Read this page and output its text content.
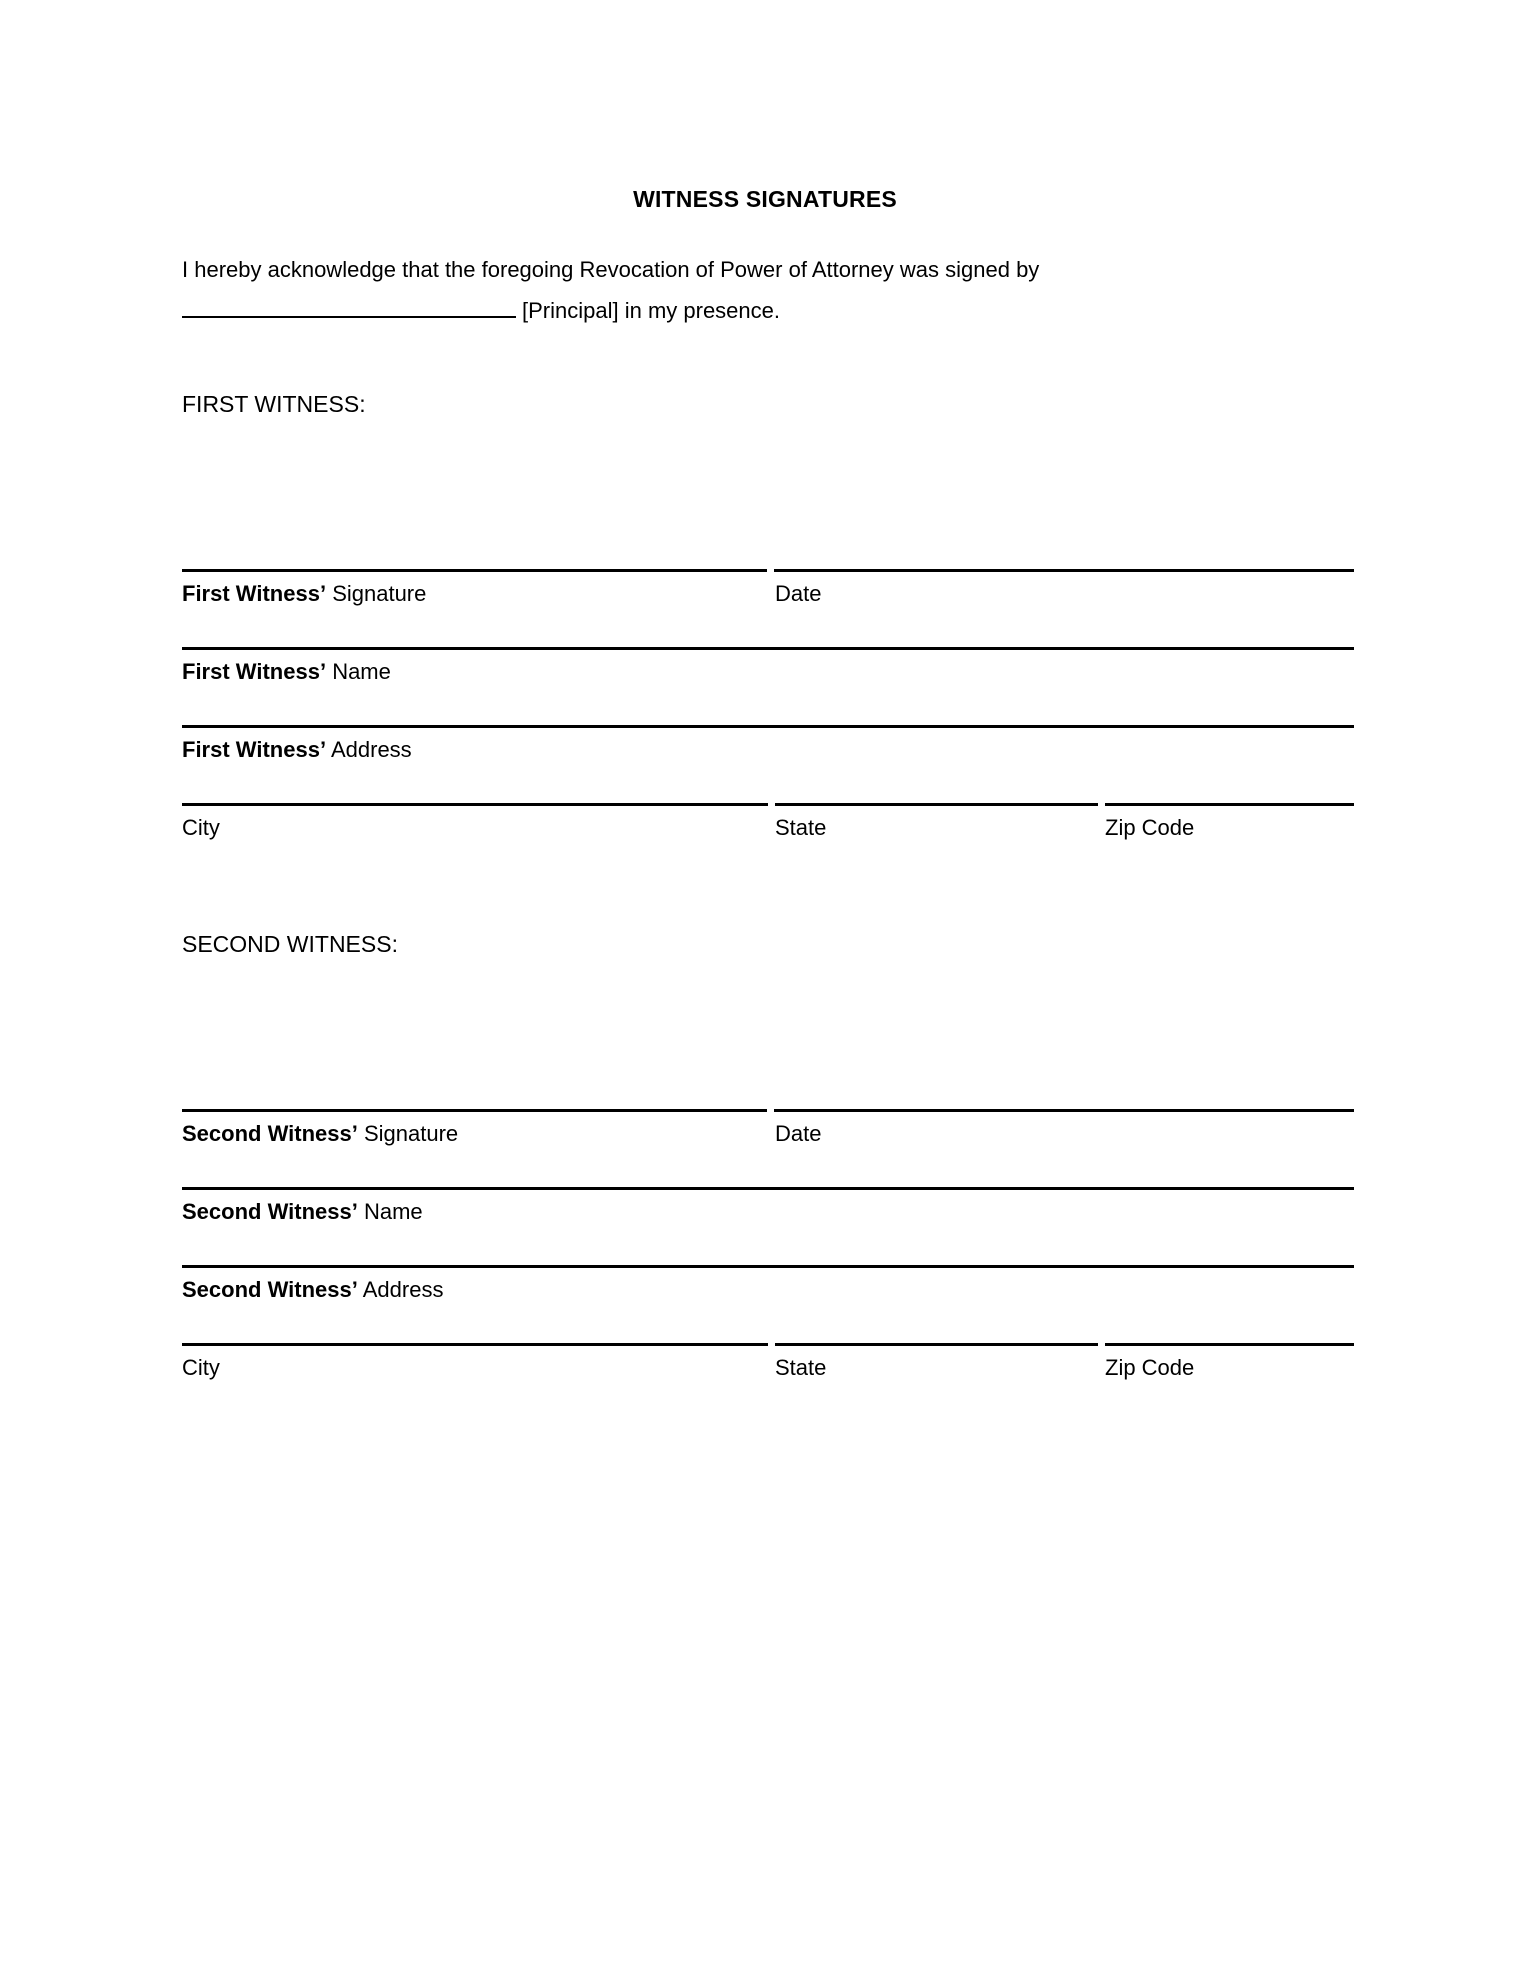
WITNESS SIGNATURES
I hereby acknowledge that the foregoing Revocation of Power of Attorney was signed by
[Principal] in my presence.
FIRST WITNESS:
First Witness’ Signature	Date
First Witness’ Name
First Witness’ Address
City	State	Zip Code
SECOND WITNESS:
Second Witness’ Signature	Date
Second Witness’ Name
Second Witness’ Address
City	State	Zip Code
